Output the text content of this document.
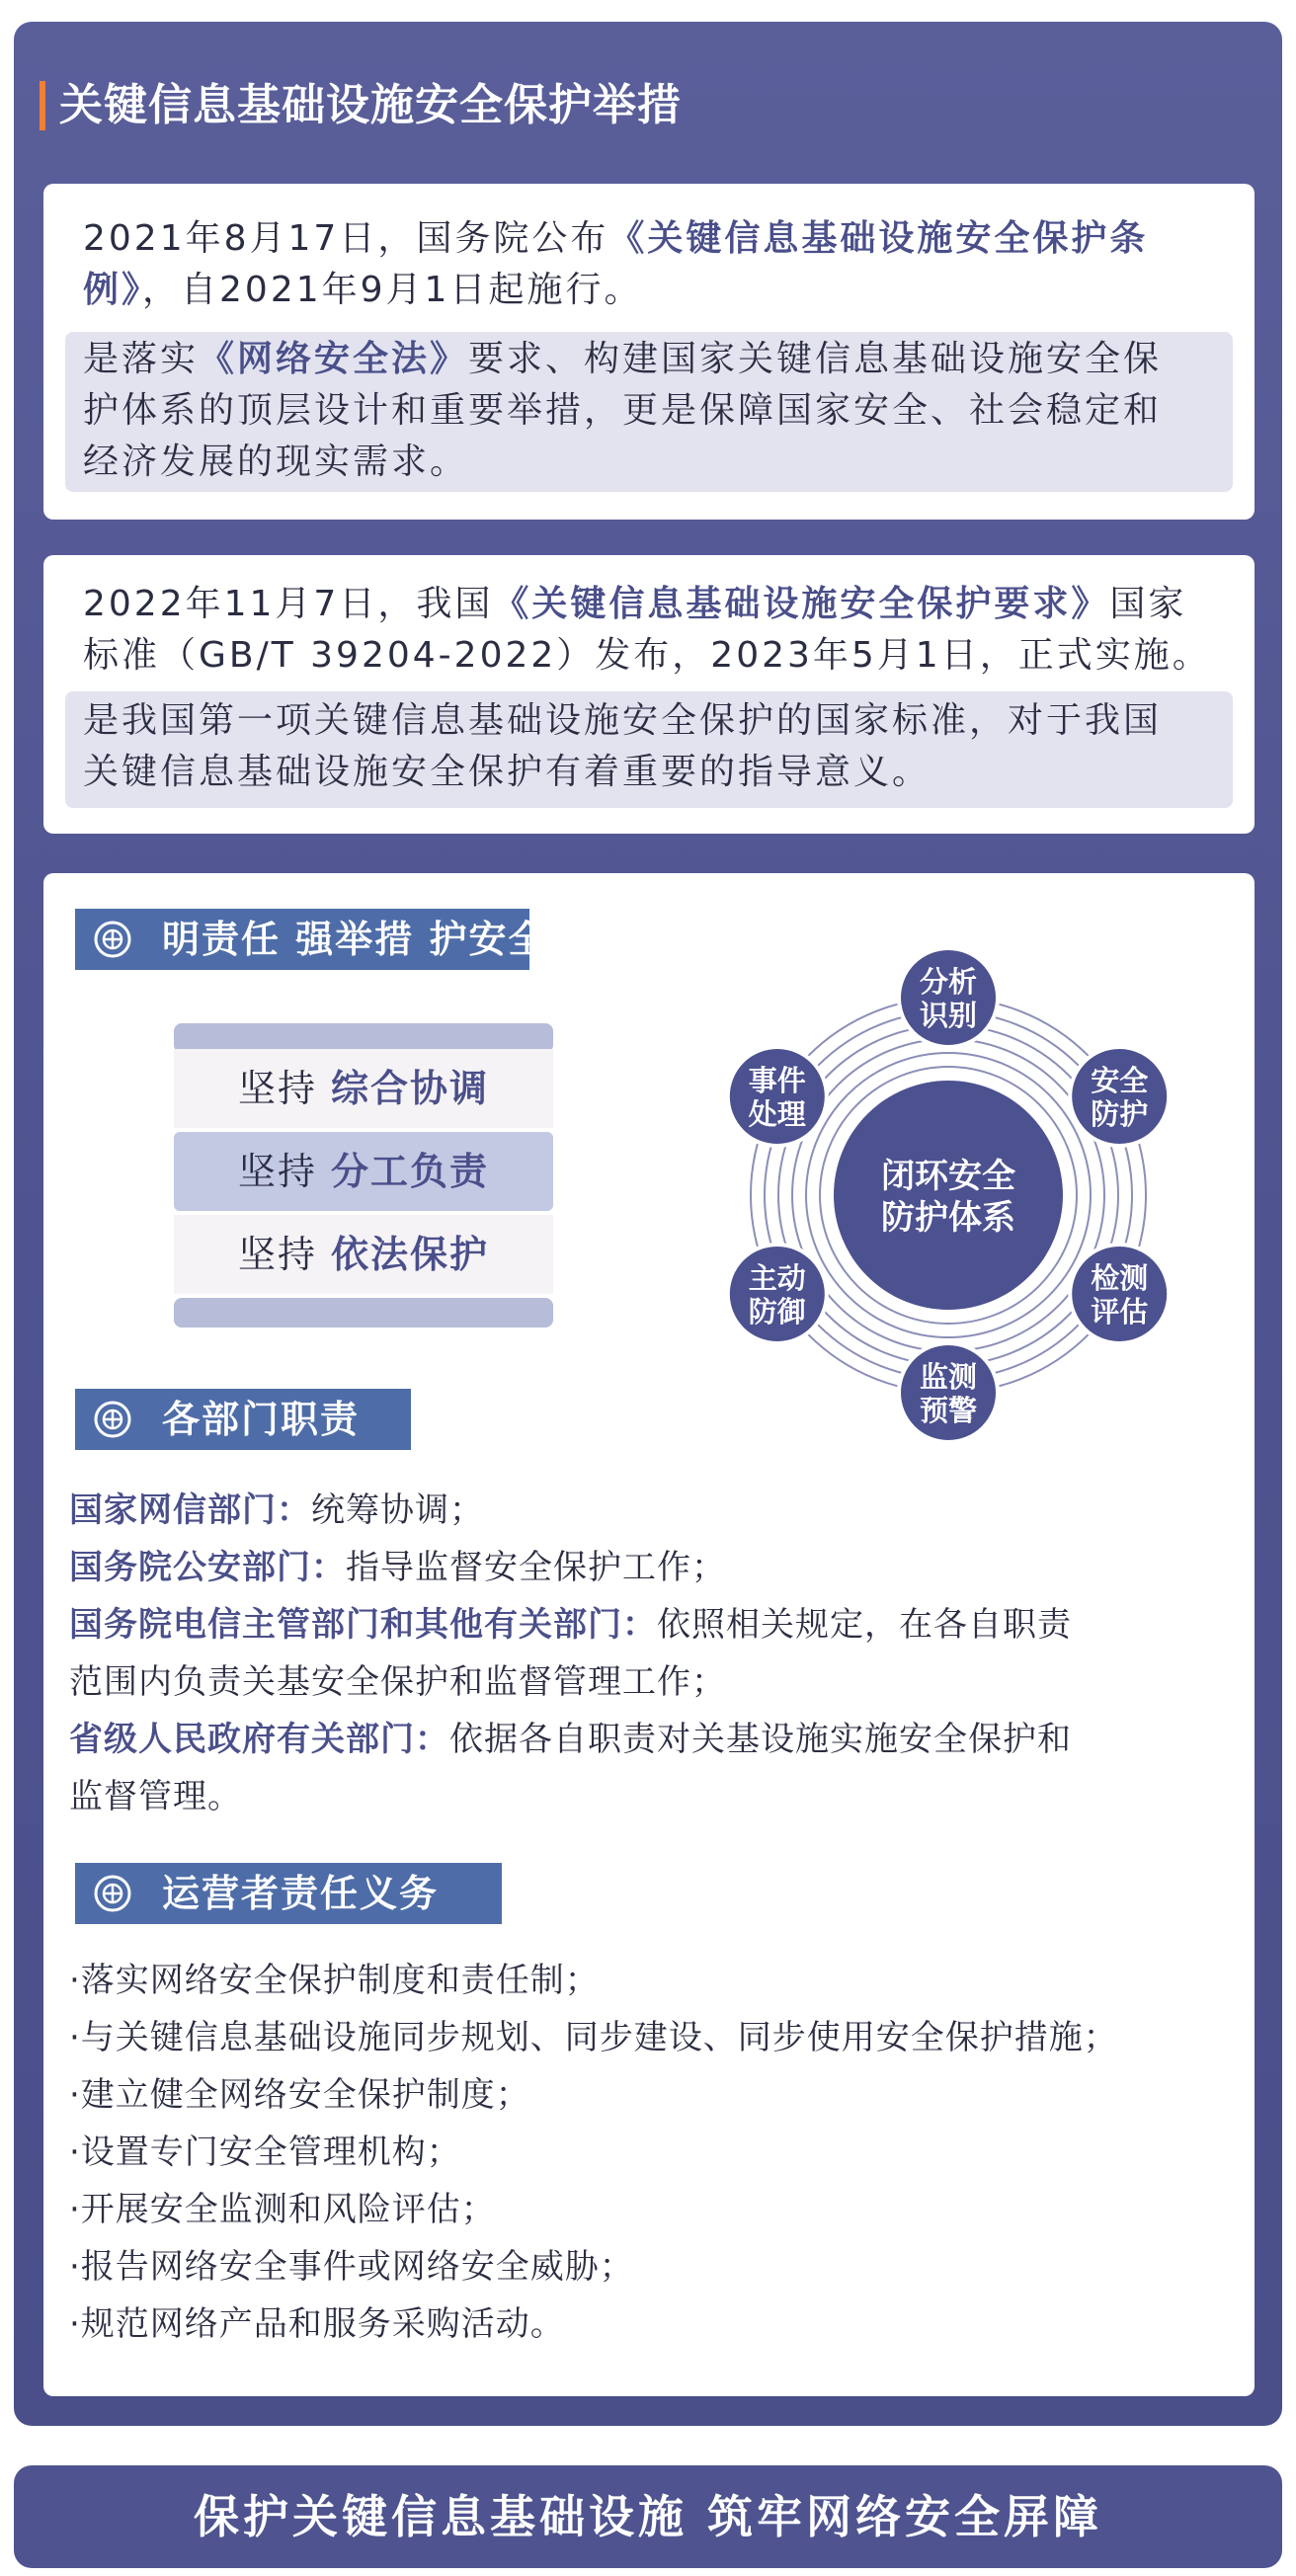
关键信息基础设施安全保护举措
2021年8月17日，国务院公布《关键信息基础设施安全保护条
例》，自2021年9月1日起施行。
是落实《网络安全法》要求、构建国家关键信息基础设施安全保
护体系的顶层设计和重要举措，更是保障国家安全、社会稳定和
经济发展的现实需求。
2022年11月7日，我国《关键信息基础设施安全保护要求》国家
标准（GB/T 39204-2022）发布，2023年5月1日，正式实施。
是我国第一项关键信息基础设施安全保护的国家标准，对于我国
关键信息基础设施安全保护有着重要的指导意义。
明责任 强举措 护安全
坚持 综合协调
坚持 分工负责
坚持 依法保护
各部门职责
国家网信部门：统筹协调；
国务院公安部门：指导监督安全保护工作；
国务院电信主管部门和其他有关部门：依照相关规定，在各自职责
范围内负责关基安全保护和监督管理工作；
省级人民政府有关部门：依据各自职责对关基设施实施安全保护和
监督管理。
运营者责任义务
·落实网络安全保护制度和责任制；
·与关键信息基础设施同步规划、同步建设、同步使用安全保护措施；
·建立健全网络安全保护制度；
·设置专门安全管理机构；
·开展安全监测和风险评估；
·报告网络安全事件或网络安全威胁；
·规范网络产品和服务采购活动。
闭环安全
防护体系
分析
识别
安全
防护
检测
评估
监测
预警
主动
防御
事件
处理
保护关键信息基础设施 筑牢网络安全屏障
